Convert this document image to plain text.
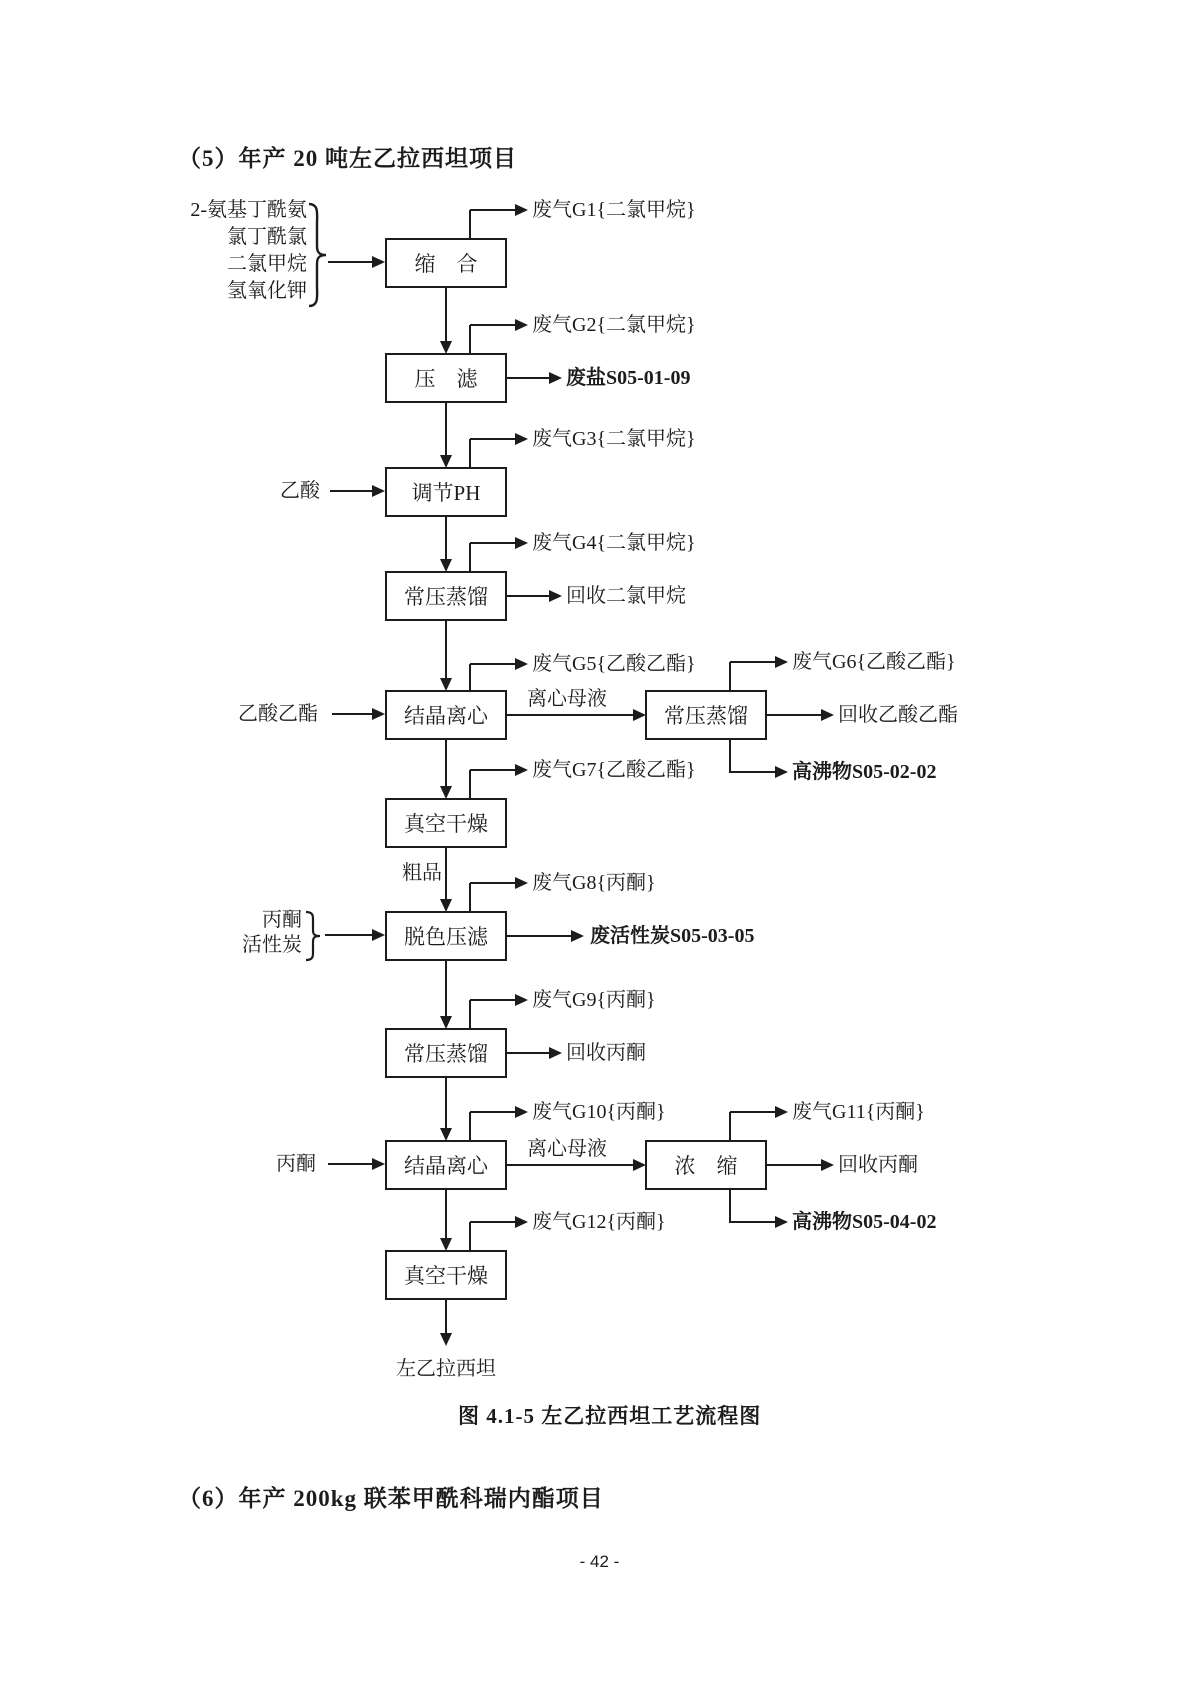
（5）年产 20 吨左乙拉西坦项目
2-氨基丁酰氨
氯丁酰氯
二氯甲烷
氢氧化钾
缩　合
压　滤
调节PH
常压蒸馏
结晶离心
真空干燥
脱色压滤
常压蒸馏
结晶离心
真空干燥
常压蒸馏
浓　缩
废气G1{二氯甲烷}
废气G2{二氯甲烷}
废气G3{二氯甲烷}
废气G4{二氯甲烷}
废气G5{乙酸乙酯}
废气G7{乙酸乙酯}
废气G8{丙酮}
废气G9{丙酮}
废气G10{丙酮}
废气G12{丙酮}
废气G6{乙酸乙酯}
废气G11{丙酮}
乙酸
乙酸乙酯
丙酮
活性炭
丙酮
废盐S05-01-09
回收二氯甲烷
离心母液
回收乙酸乙酯
高沸物S05-02-02
粗品
废活性炭S05-03-05
回收丙酮
离心母液
回收丙酮
高沸物S05-04-02
左乙拉西坦
图 4.1-5 左乙拉西坦工艺流程图
（6）年产 200kg 联苯甲酰科瑞内酯项目
- 42 -
